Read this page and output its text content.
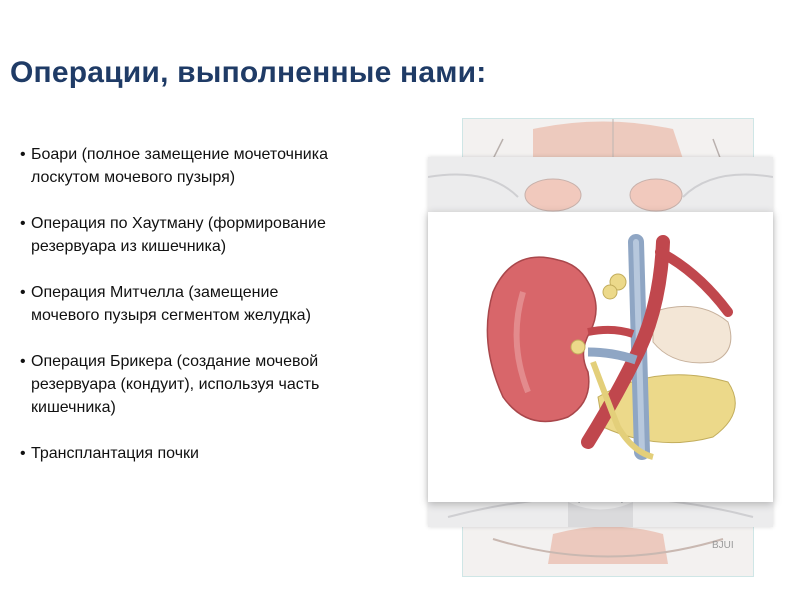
Операции, выполненные нами:
• Боари (полное замещение мочеточника
лоскутом мочевого пузыря)
• Операция по Хаутману (формирование
резервуара из кишечника)
• Операция Митчелла (замещение
мочевого пузыря сегментом желудка)
• Операция Брикера (создание мочевой
резервуара (кондуит), используя часть кишечника)
• Трансплантация почки
BJUI
